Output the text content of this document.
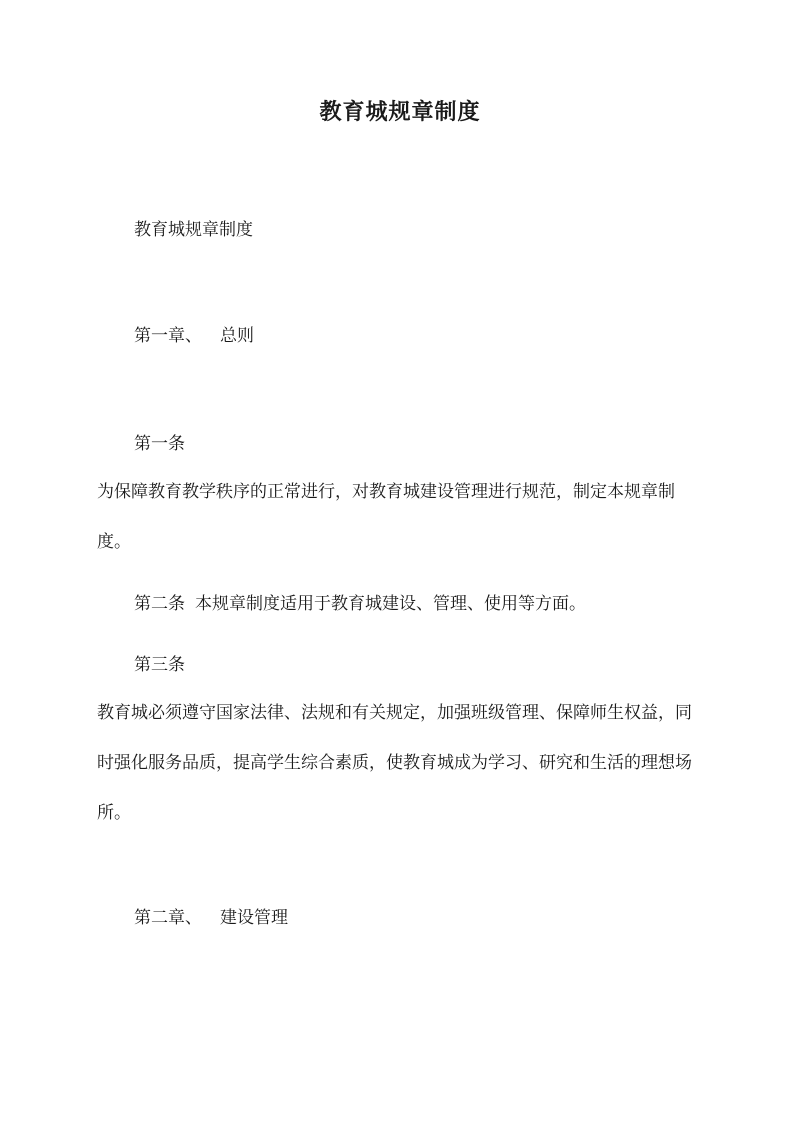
教育城规章制度

教育城规章制度

第一章、 总则

第一条

为保障教育教学秩序的正常进行，对教育城建设管理进行规范，制定本规章制度。

第二条 本规章制度适用于教育城建设、管理、使用等方面。

第三条

教育城必须遵守国家法律、法规和有关规定，加强班级管理、保障师生权益，同时强化服务品质，提高学生综合素质，使教育城成为学习、研究和生活的理想场所。

第二章、 建设管理
